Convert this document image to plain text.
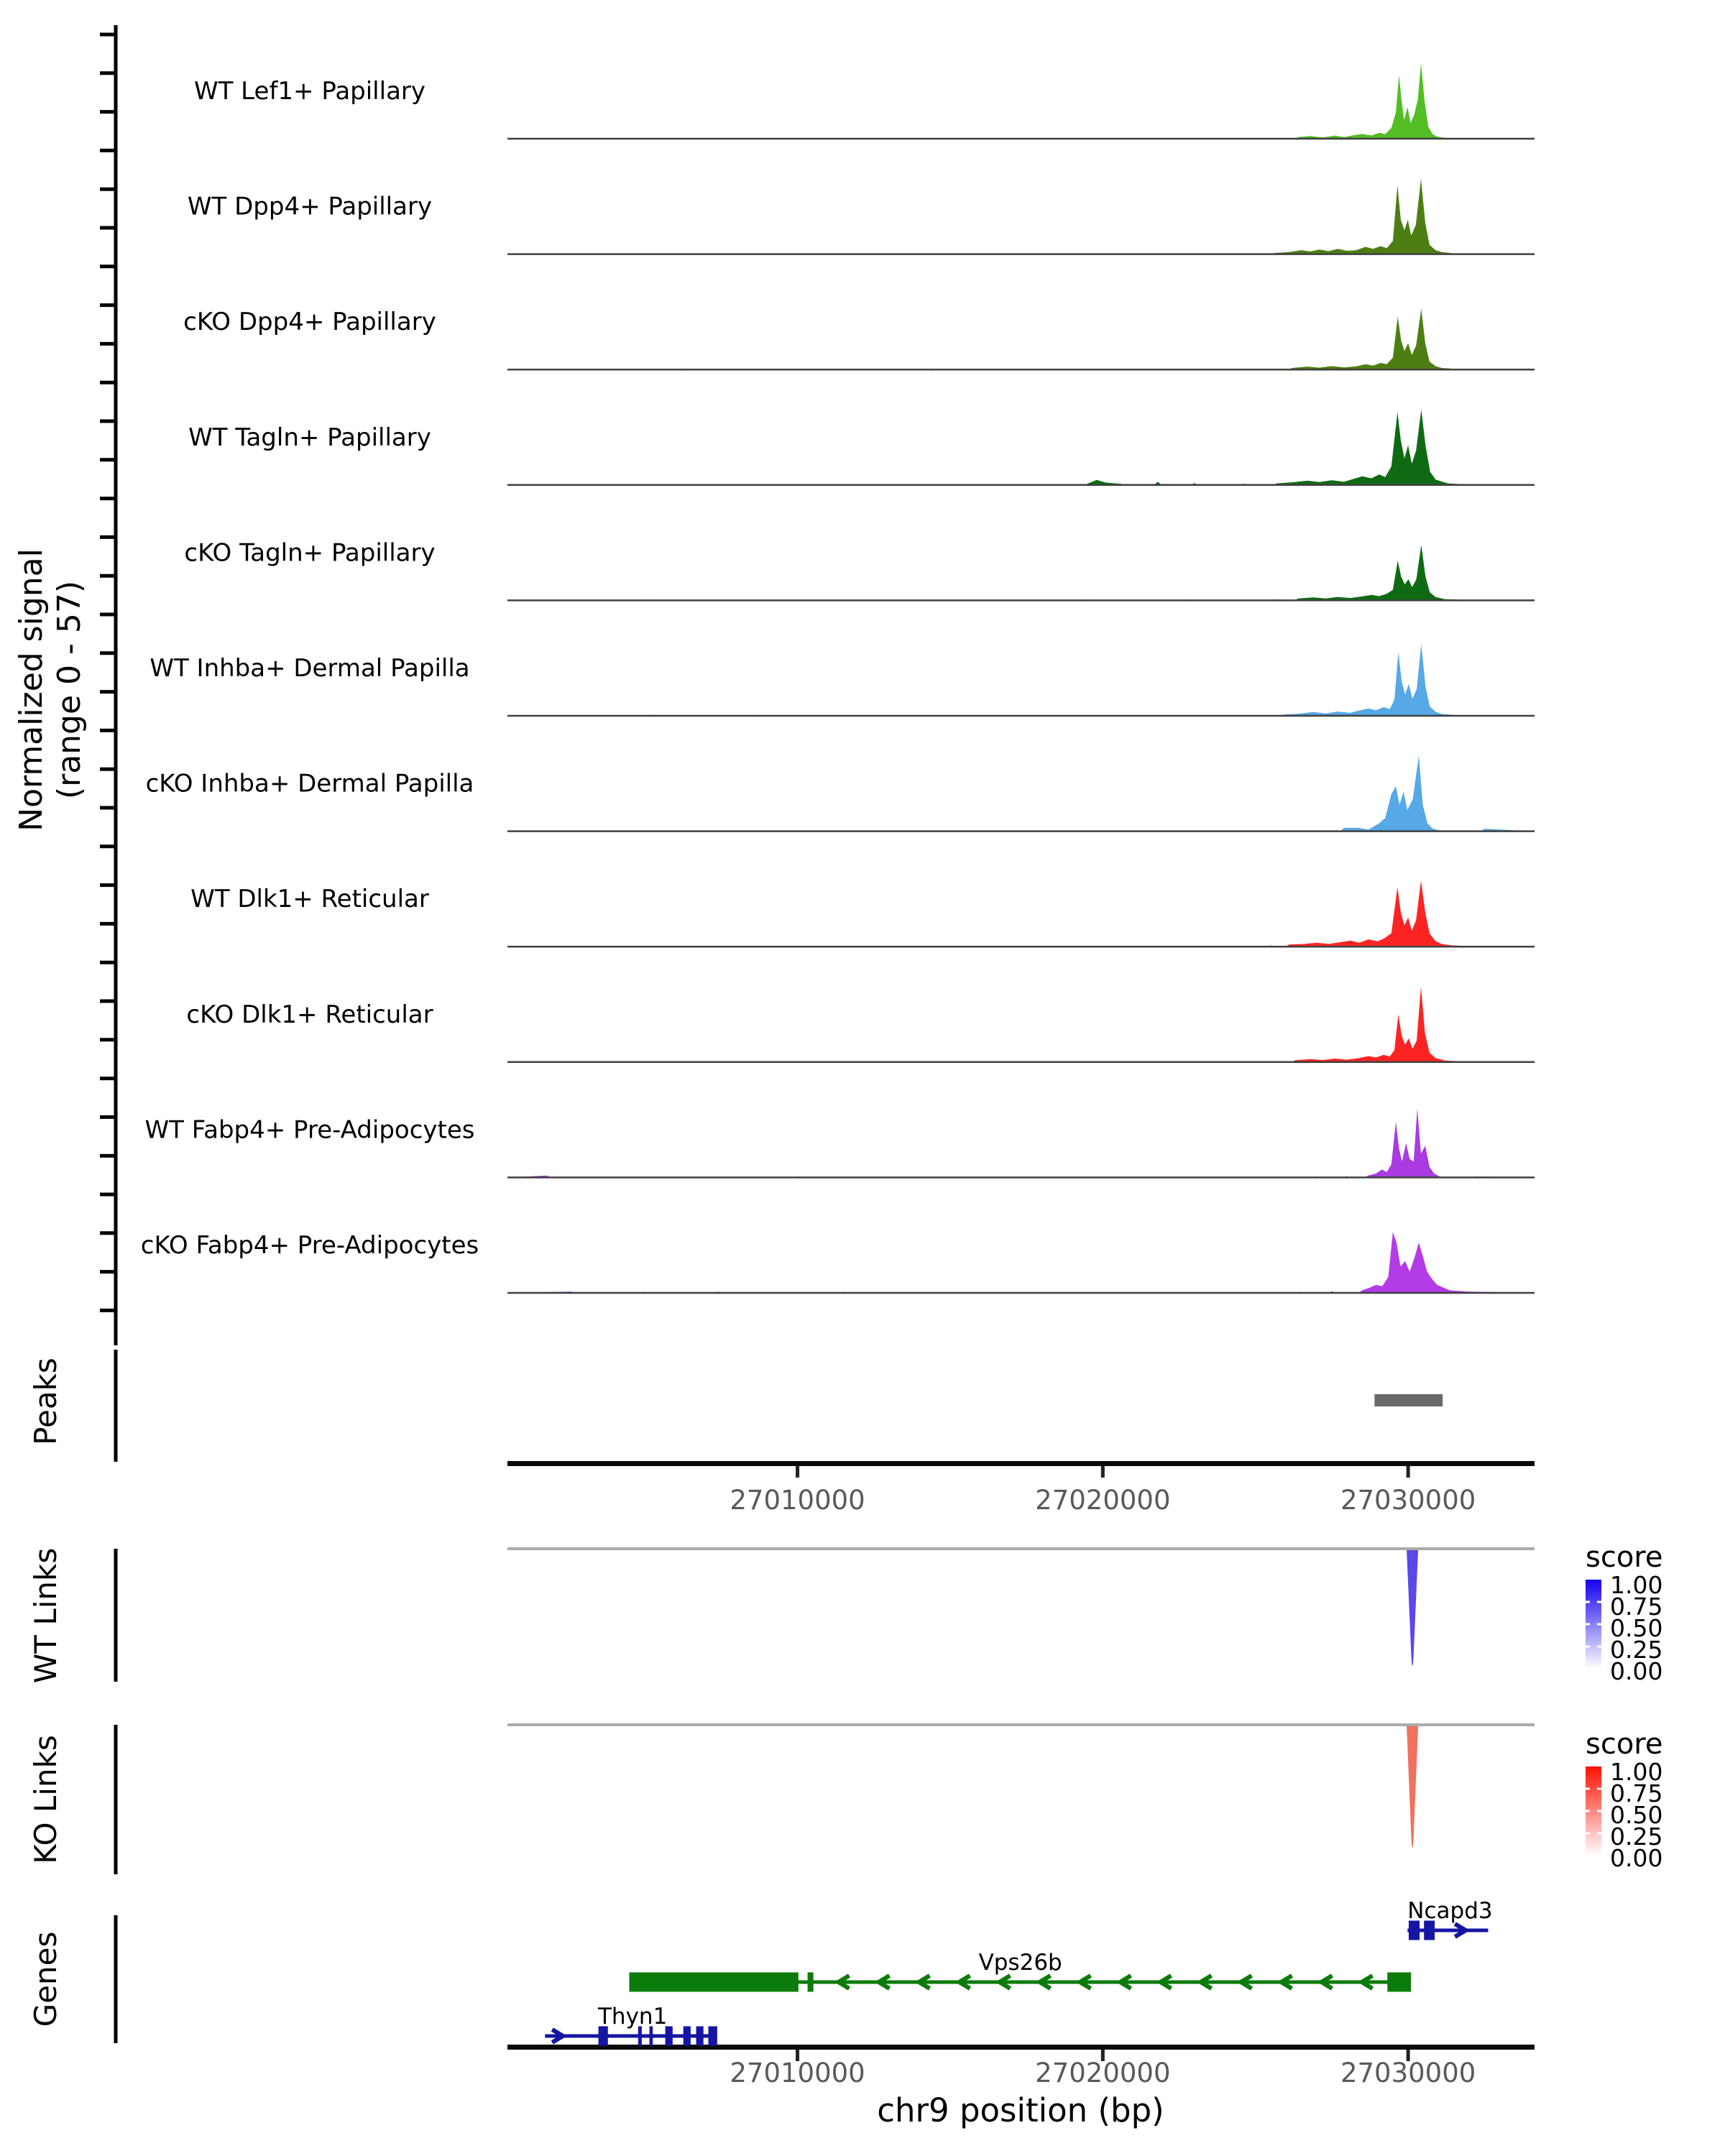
WT Lef1+ Papillary
WT Dpp4+ Papillary
cKO Dpp4+ Papillary
WT Tagln+ Papillary
cKO Tagln+ Papillary
WT Inhba+ Dermal Papilla
cKO Inhba+ Dermal Papilla
WT Dlk1+ Reticular
cKO Dlk1+ Reticular
WT Fabp4+ Pre-Adipocytes
cKO Fabp4+ Pre-Adipocytes
27010000	27020000	27030000
27010000	27020000	27030000
1.00
0.75
0.50
0.25
0.00
1.00
0.75
0.50
0.25
0.00
Ncapd3
Vps26b
Thyn1
Normalized signal (range 0 - 57)
Peaks
WT Links
KO Links
Genes
score
score
chr9 position (bp)
